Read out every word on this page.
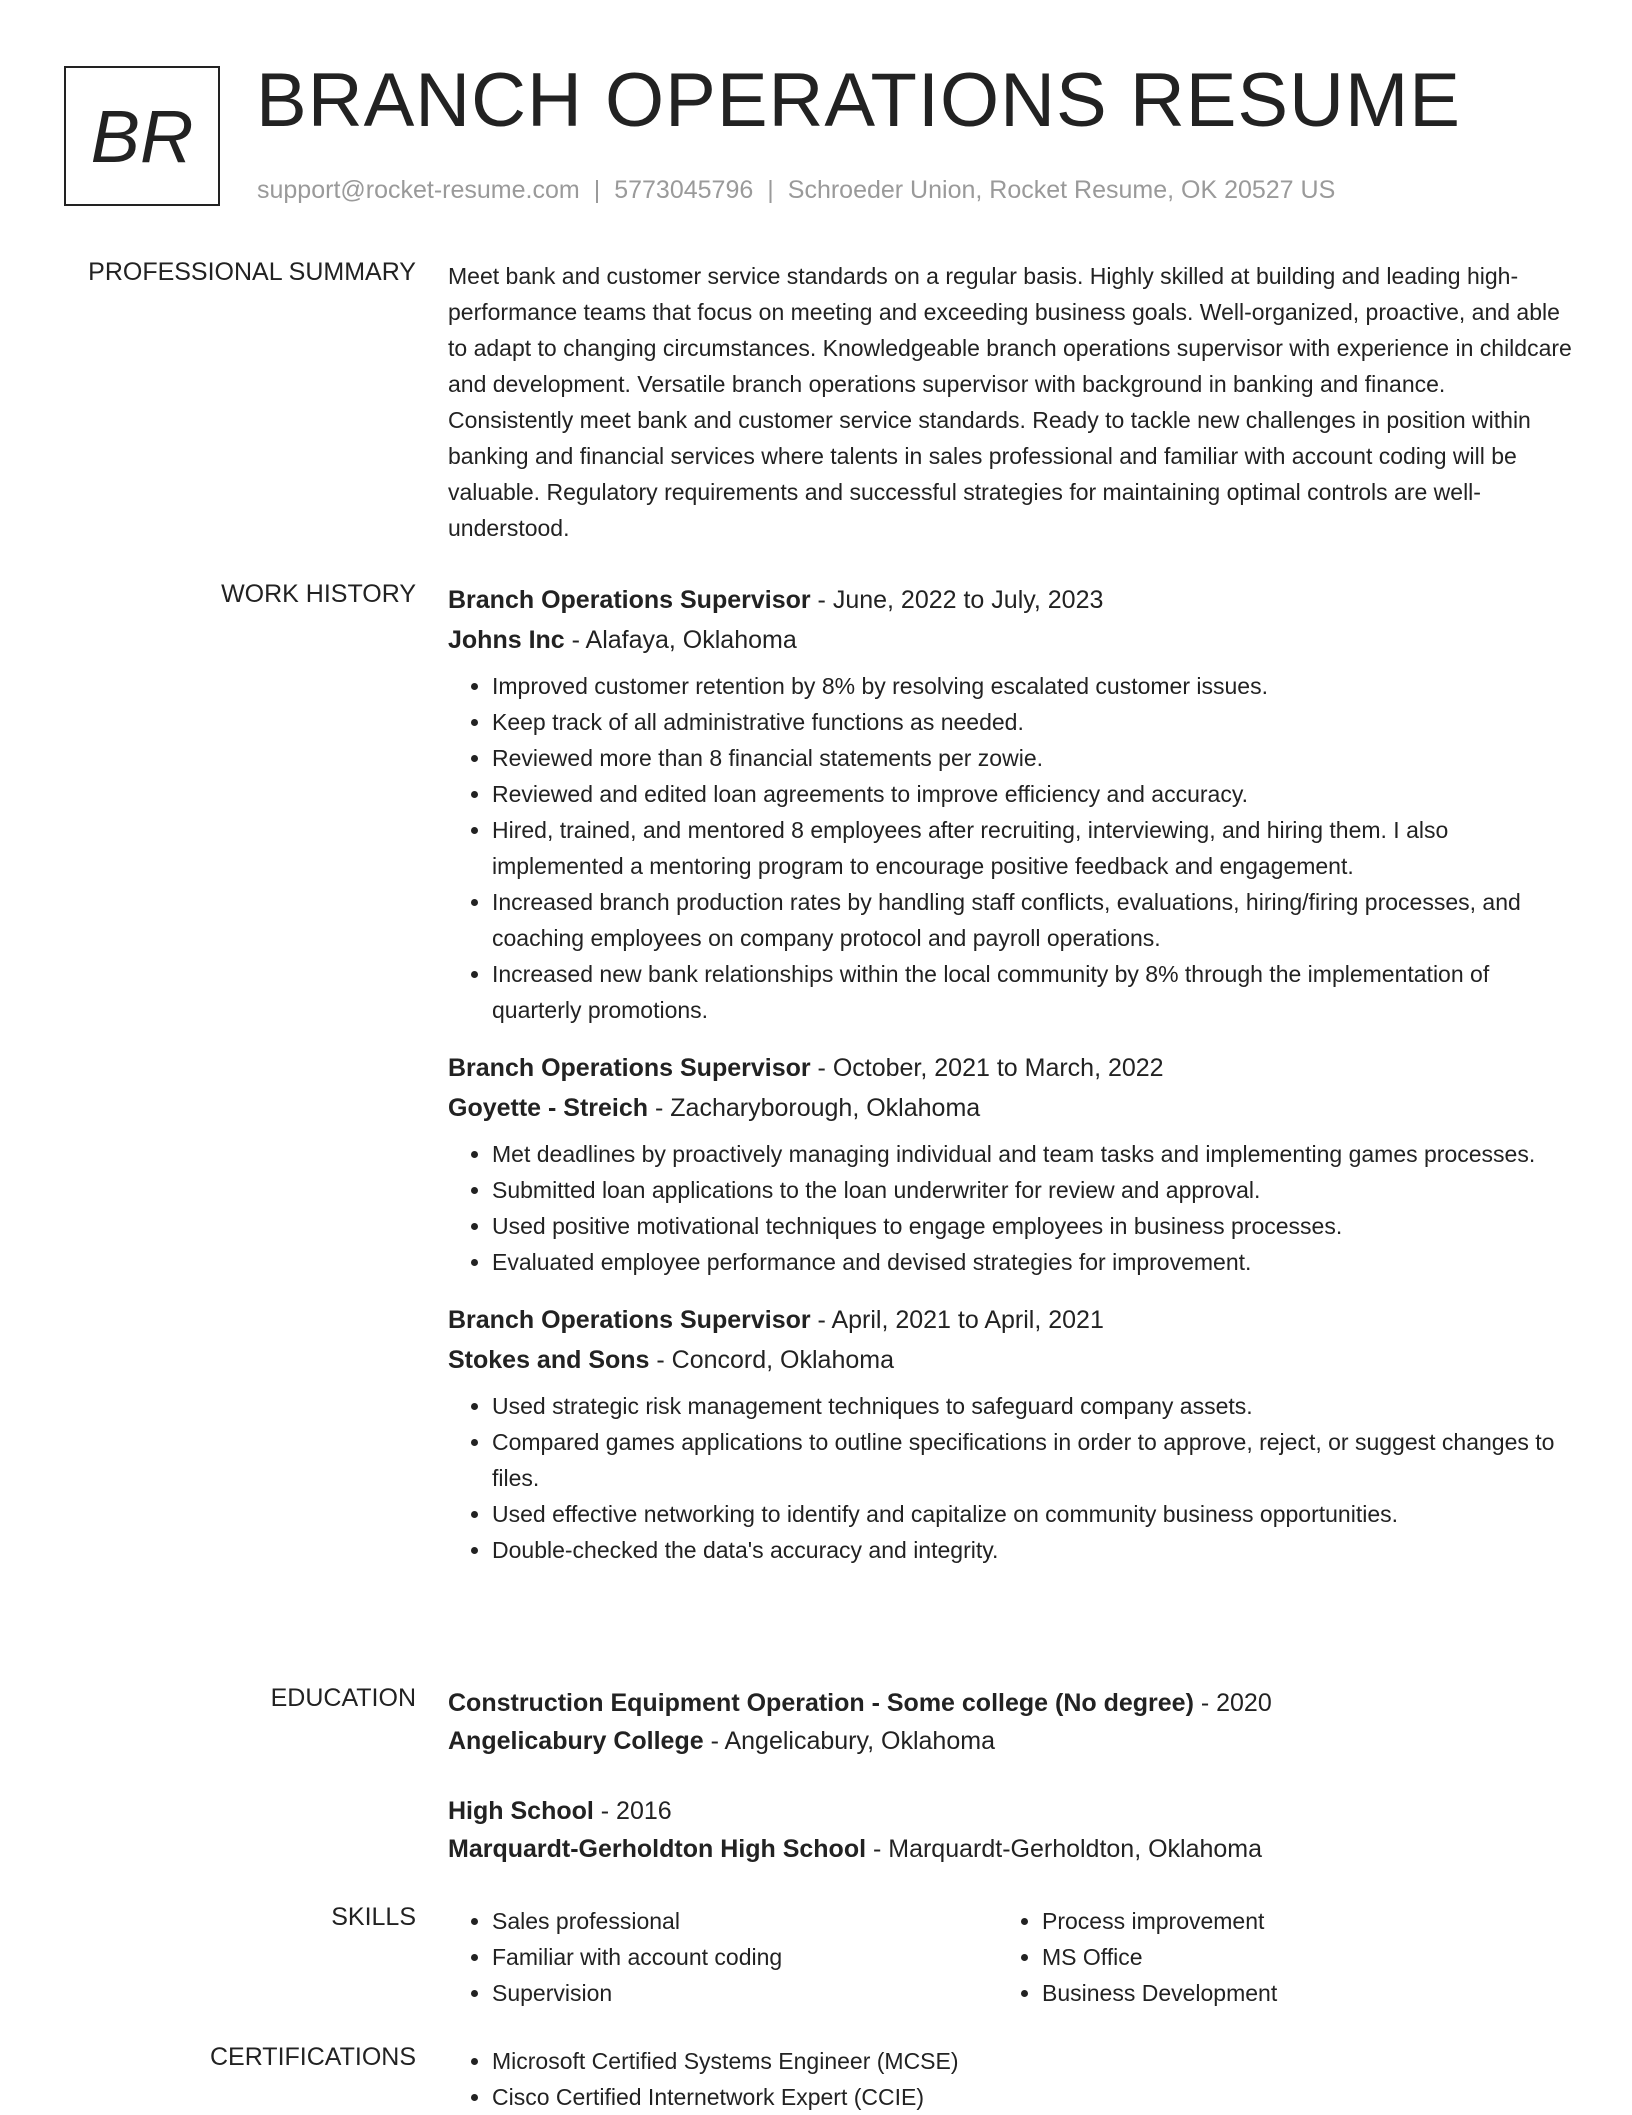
BR BRANCH OPERATIONS RESUME
support@rocket-resume.com | 5773045796 | Schroeder Union, Rocket Resume, OK 20527 US
PROFESSIONAL SUMMARY Meet bank and customer service standards on a regular basis. Highly skilled at building and leading high-performance teams that focus on meeting and exceeding business goals. Well-organized, proactive, and able to adapt to changing circumstances. Knowledgeable branch operations supervisor with experience in childcare and development. Versatile branch operations supervisor with background in banking and finance. Consistently meet bank and customer service standards. Ready to tackle new challenges in position within banking and financial services where talents in sales professional and familiar with account coding will be valuable. Regulatory requirements and successful strategies for maintaining optimal controls are well-understood.

WORK HISTORY Branch Operations Supervisor - June, 2022 to July, 2023
Johns Inc - Alafaya, Oklahoma
• Improved customer retention by 8% by resolving escalated customer issues.
• Keep track of all administrative functions as needed.
• Reviewed more than 8 financial statements per zowie.
• Reviewed and edited loan agreements to improve efficiency and accuracy.
• Hired, trained, and mentored 8 employees after recruiting, interviewing, and hiring them. I also implemented a mentoring program to encourage positive feedback and engagement.
• Increased branch production rates by handling staff conflicts, evaluations, hiring/firing processes, and coaching employees on company protocol and payroll operations.
• Increased new bank relationships within the local community by 8% through the implementation of quarterly promotions.
Branch Operations Supervisor - October, 2021 to March, 2022
Goyette - Streich - Zacharyborough, Oklahoma
• Met deadlines by proactively managing individual and team tasks and implementing games processes.
• Submitted loan applications to the loan underwriter for review and approval.
• Used positive motivational techniques to engage employees in business processes.
• Evaluated employee performance and devised strategies for improvement.
Branch Operations Supervisor - April, 2021 to April, 2021
Stokes and Sons - Concord, Oklahoma
• Used strategic risk management techniques to safeguard company assets.
• Compared games applications to outline specifications in order to approve, reject, or suggest changes to files.
• Used effective networking to identify and capitalize on community business opportunities.
• Double-checked the data's accuracy and integrity.
EDUCATION Construction Equipment Operation - Some college (No degree) - 2020
Angelicabury College - Angelicabury, Oklahoma
High School - 2016
Marquardt-Gerholdton High School - Marquardt-Gerholdton, Oklahoma
SKILLS	• Sales professional
• Familiar with account coding
• Supervision
• Process improvement
• MS Office
• Business Development
CERTIFICATIONS	• Microsoft Certified Systems Engineer (MCSE)
• Cisco Certified Internetwork Expert (CCIE)
